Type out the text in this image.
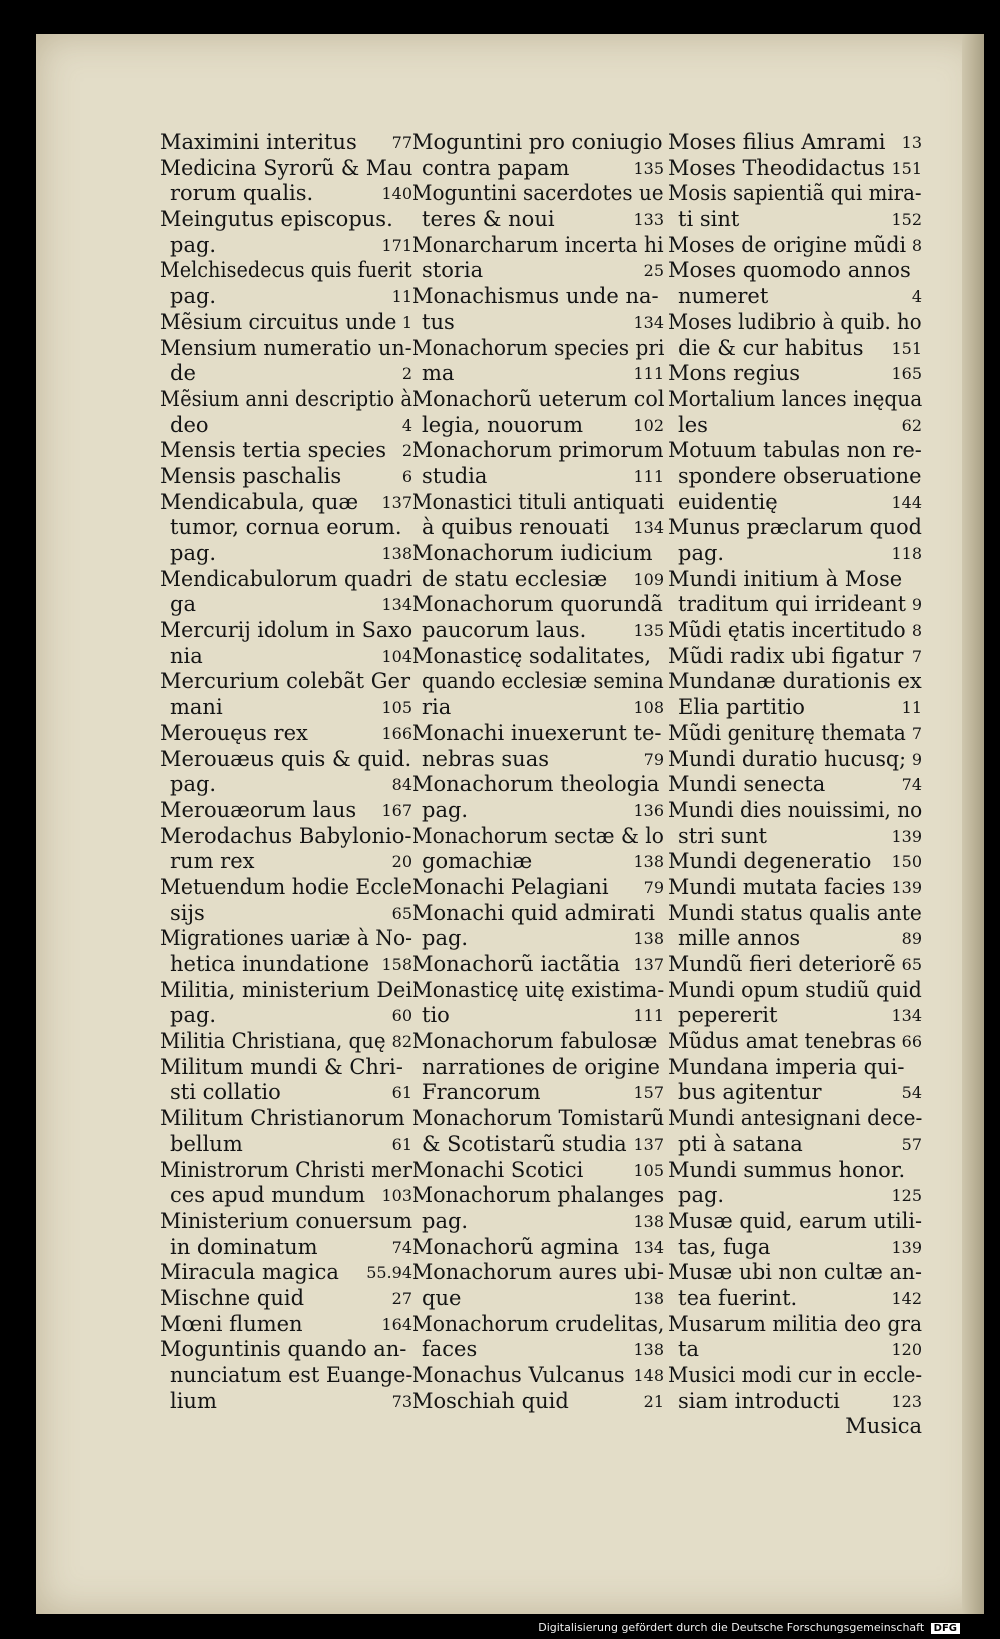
Maximini interitus 77
Medicina Syrorũ & Mau
rorum qualis.	140
Meingutus episcopus.
pag.	171
Melchisedecus quis fuerit
pag.	11
Mẽsium circuitus unde 1
Mensium numeratio un-
de	2
Mẽsium anni descriptio à
deo	4
Mensis tertia species 2
Mensis paschalis	6
Mendicabula, quæ 137
tumor, cornua eorum.
pag.	138
Mendicabulorum quadri
ga	134
Mercurij idolum in Saxo
nia	104
Mercurium colebãt Ger
mani	105
Merouęus rex	166
Merouæus quis & quid.
pag.	84
Merouæorum laus 167
Merodachus Babylonio-
rum rex	20
Metuendum hodie Eccle
sijs	65
Migrationes uariæ à No-
hetica inundatione 158
Militia, ministerium Dei
pag.	60
Militia Christiana, quę 82
Militum mundi & Chri-
sti collatio	61
Militum Christianorum
bellum	61
Ministrorum Christi mer
ces apud mundum 103
Ministerium conuersum
in dominatum	74
Miracula magica 55.94
Mischne quid	27
Mœni flumen	164
Moguntinis quando an-
nunciatum est Euange-
lium	73
Moguntini pro coniugio
contra papam	135
Moguntini sacerdotes ue
teres & noui	133
Monarcharum incerta hi
storia	25
Monachismus unde na-
tus	134
Monachorum species pri
ma	111
Monachorũ ueterum col
legia, nouorum	102
Monachorum primorum
studia	111
Monastici tituli antiquati
à quibus renouati 134
Monachorum iudicium
de statu ecclesiæ 109
Monachorum quorundã
paucorum laus.	135
Monasticę sodalitates,
quando ecclesiæ semina
ria	108
Monachi inuexerunt te-
nebras suas	79
Monachorum theologia
pag.	136
Monachorum sectæ & lo
gomachiæ	138
Monachi Pelagiani 79
Monachi quid admirati
pag.	138
Monachorũ iactãtia 137
Monasticę uitę existima-
tio	111
Monachorum fabulosæ
narrationes de origine
Francorum	157
Monachorum Tomistarũ
& Scotistarũ studia 137
Monachi Scotici	105
Monachorum phalanges
pag.	138
Monachorũ agmina 134
Monachorum aures ubi-
que	138
Monachorum crudelitas,
faces	138
Monachus Vulcanus 148
Moschiah quid	21
Moses filius Amrami 13
Moses Theodidactus 151
Mosis sapientiã qui mira-
ti sint	152
Moses de origine mũdi 8
Moses quomodo annos
numeret	4
Moses ludibrio à quib. ho
die & cur habitus 151
Mons regius	165
Mortalium lances inęqua
les	62
Motuum tabulas non re-
spondere obseruatione
euidentię	144
Munus præclarum quod
pag.	118
Mundi initium à Mose
traditum qui irrideant 9
Mũdi ętatis incertitudo 8
Mũdi radix ubi figatur 7
Mundanæ durationis ex
Elia partitio	11
Mũdi geniturę themata 7
Mundi duratio hucusq; 9
Mundi senecta	74
Mundi dies nouissimi, no
stri sunt	139
Mundi degeneratio 150
Mundi mutata facies 139
Mundi status qualis ante
mille annos	89
Mundũ fieri deteriorẽ 65
Mundi opum studiũ quid
pepererit	134
Mũdus amat tenebras 66
Mundana imperia qui-
bus agitentur	54
Mundi antesignani dece-
pti à satana	57
Mundi summus honor.
pag.	125
Musæ quid, earum utili-
tas, fuga	139
Musæ ubi non cultæ an-
tea fuerint.	142
Musarum militia deo gra
ta	120
Musici modi cur in eccle-
siam introducti	123
Musica
Digitalisierung gefördert durch die Deutsche Forschungsgemeinschaft DFG
